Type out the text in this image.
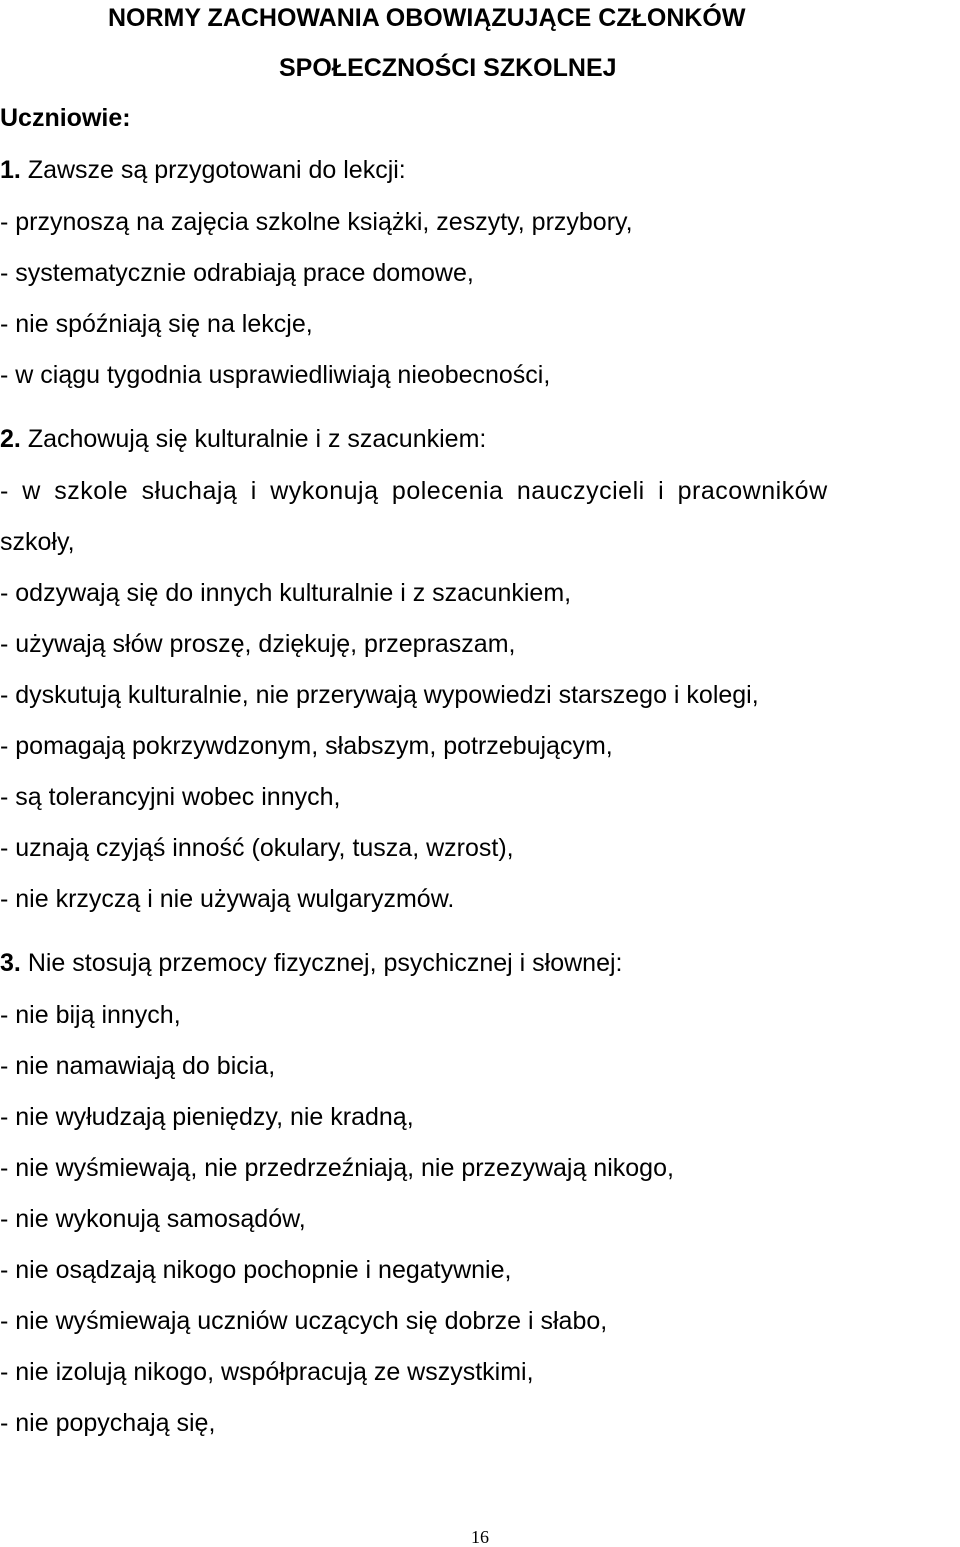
NORMY ZACHOWANIA OBOWIĄZUJĄCE CZŁONKÓW
SPOŁECZNOŚCI SZKOLNEJ
Uczniowie:
1. Zawsze są przygotowani do lekcji:
- przynoszą na zajęcia szkolne książki, zeszyty, przybory,
- systematycznie odrabiają prace domowe,
- nie spóźniają się na lekcje,
- w ciągu tygodnia usprawiedliwiają nieobecności,
2. Zachowują się kulturalnie i z szacunkiem:
- w szkole słuchają i wykonują polecenia nauczycieli i pracowników
szkoły,
- odzywają się do innych kulturalnie i z szacunkiem,
- używają słów proszę, dziękuję, przepraszam,
- dyskutują kulturalnie, nie przerywają wypowiedzi starszego i kolegi,
- pomagają pokrzywdzonym, słabszym, potrzebującym,
- są tolerancyjni wobec innych,
- uznają czyjąś inność (okulary, tusza, wzrost),
- nie krzyczą i nie używają wulgaryzmów.
3. Nie stosują przemocy fizycznej, psychicznej i słownej:
- nie biją innych,
- nie namawiają do bicia,
- nie wyłudzają pieniędzy, nie kradną,
- nie wyśmiewają, nie przedrzeźniają, nie przezywają nikogo,
- nie wykonują samosądów,
- nie osądzają nikogo pochopnie i negatywnie,
- nie wyśmiewają uczniów uczących się dobrze i słabo,
- nie izolują nikogo, współpracują ze wszystkimi,
- nie popychają się,
16
